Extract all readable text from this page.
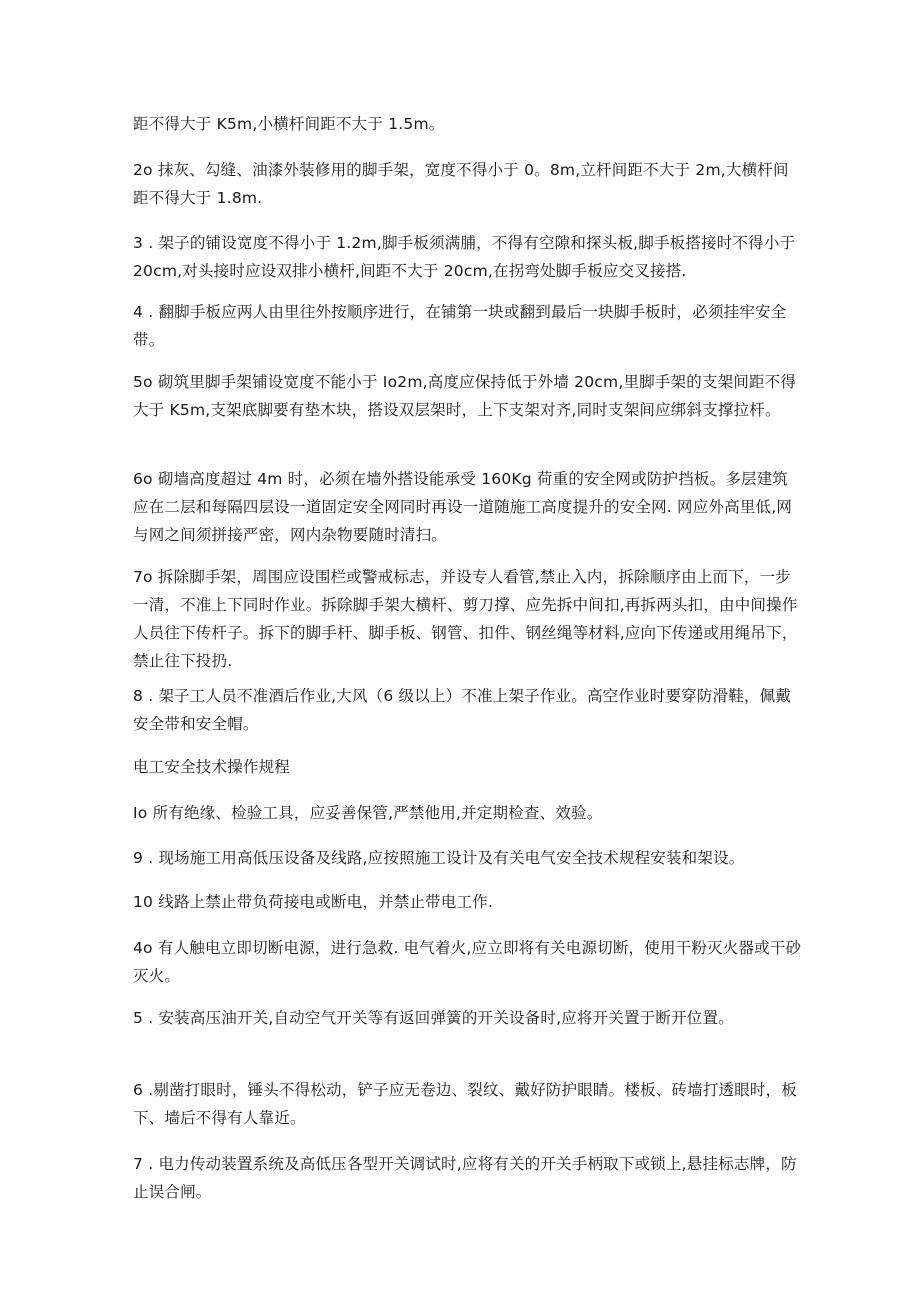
距不得大于 K5m,小横杆间距不大于 1.5m。

2o 抹灰、勾缝、油漆外装修用的脚手架，宽度不得小于 0。8m,立杆间距不大于 2m,大横杆间距不得大于 1.8m.

3 . 架子的铺设宽度不得小于 1.2m,脚手板须满脯，不得有空隙和探头板,脚手板搭接时不得小于 20cm,对头接时应设双排小横杆,间距不大于 20cm,在拐弯处脚手板应交叉接搭.

4 . 翻脚手板应两人由里往外按顺序进行，在铺第一块或翻到最后一块脚手板时，必须挂牢安全带。

5o 砌筑里脚手架铺设宽度不能小于 Io2m,高度应保持低于外墙 20cm,里脚手架的支架间距不得大于 K5m,支架底脚要有垫木块，搭设双层架时，上下支架对齐,同时支架间应绑斜支撑拉杆。

6o 砌墙高度超过 4m 时，必须在墙外搭设能承受 160Kg 荷重的安全网或防护挡板。多层建筑应在二层和每隔四层设一道固定安全网同时再设一道随施工高度提升的安全网. 网应外高里低,网与网之间须拼接严密，网内杂物要随时清扫。

7o 拆除脚手架，周围应设围栏或警戒标志，并设专人看管,禁止入内，拆除顺序由上而下，一步一清，不准上下同时作业。拆除脚手架大横杆、剪刀撑、应先拆中间扣,再拆两头扣，由中间操作人员往下传杆子。拆下的脚手杆、脚手板、钢管、扣件、钢丝绳等材料,应向下传递或用绳吊下，禁止往下投扔.

8 . 架子工人员不准酒后作业,大风（6 级以上）不准上架子作业。高空作业时要穿防滑鞋，佩戴安全带和安全帽。

电工安全技术操作规程

Io 所有绝缘、检验工具，应妥善保管,严禁他用,并定期检查、效验。

9 . 现场施工用高低压设备及线路,应按照施工设计及有关电气安全技术规程安装和架设。

10 线路上禁止带负荷接电或断电，并禁止带电工作.

4o 有人触电立即切断电源，进行急救. 电气着火,应立即将有关电源切断，使用干粉灭火器或干砂灭火。

5 . 安装高压油开关,自动空气开关等有返回弹簧的开关设备时,应将开关置于断开位置。

6 .剔凿打眼时，锤头不得松动，铲子应无卷边、裂纹、戴好防护眼睛。楼板、砖墙打透眼时，板下、墙后不得有人靠近。

7 . 电力传动装置系统及高低压各型开关调试时,应将有关的开关手柄取下或锁上,悬挂标志牌，防止误合闸。
